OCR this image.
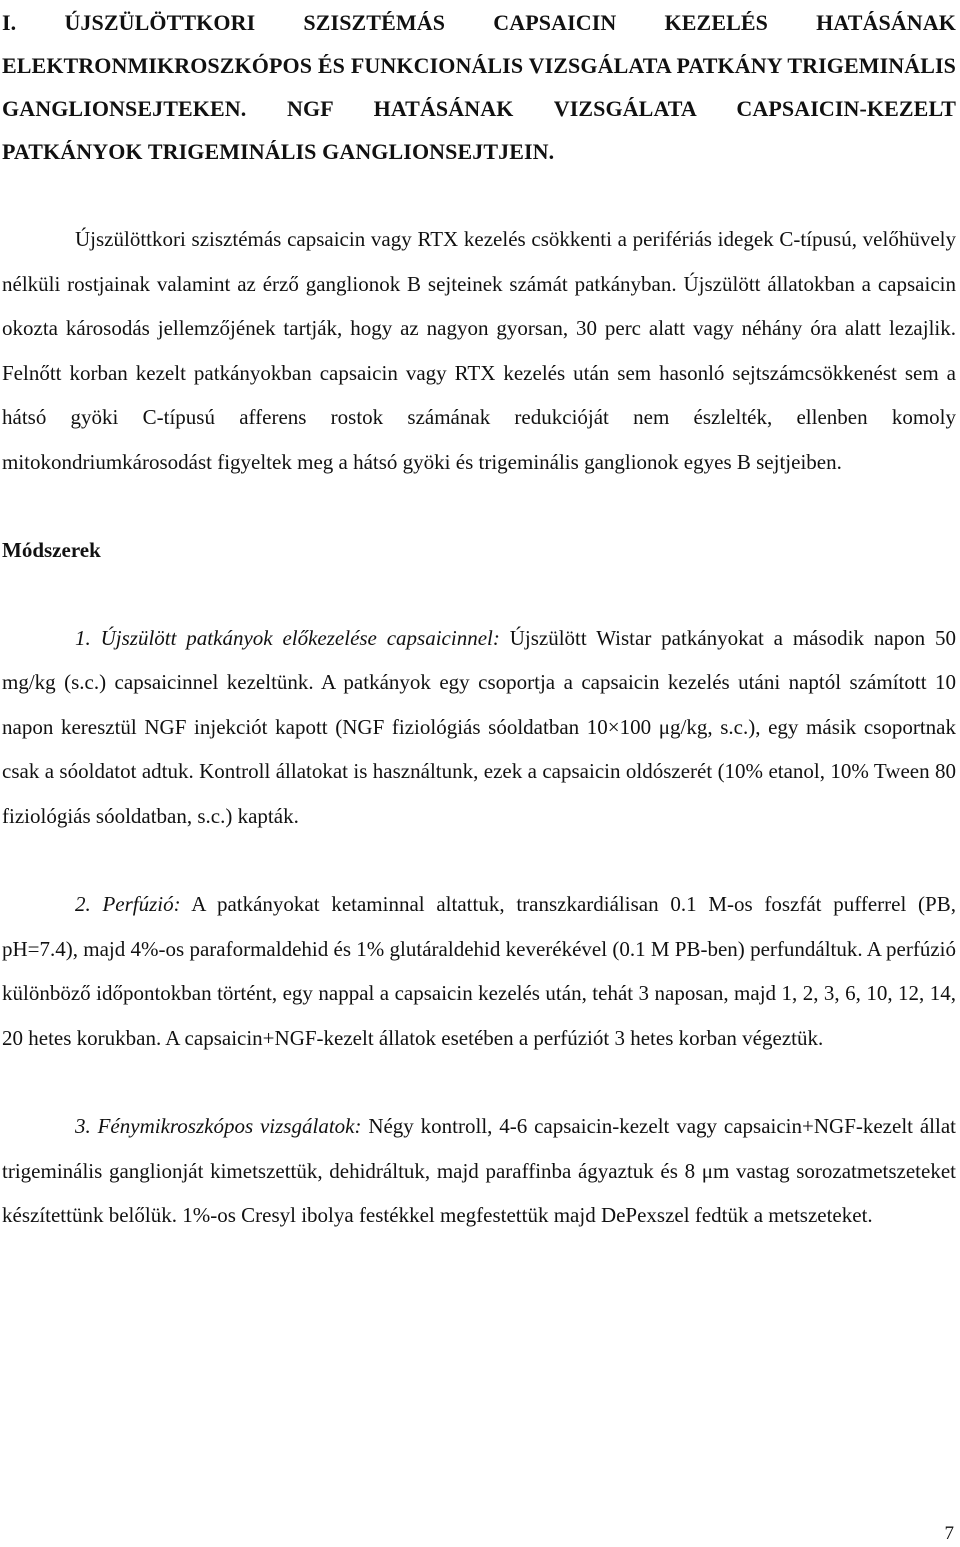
I. ÚJSZÜLÖTTKORI SZISZTÉMÁS CAPSAICIN KEZELÉS HATÁSÁNAK ELEKTRONMIKROSZKÓPOS ÉS FUNKCIONÁLIS VIZSGÁLATA PATKÁNY TRIGEMINÁLIS GANGLIONSEJTEKEN. NGF HATÁSÁNAK VIZSGÁLATA CAPSAICIN-KEZELT PATKÁNYOK TRIGEMINÁLIS GANGLIONSEJTJEIN.

Újszülöttkori szisztémás capsaicin vagy RTX kezelés csökkenti a perifériás idegek C-típusú, velőhüvely nélküli rostjainak valamint az érző ganglionok B sejteinek számát patkányban. Újszülött állatokban a capsaicin okozta károsodás jellemzőjének tartják, hogy az nagyon gyorsan, 30 perc alatt vagy néhány óra alatt lezajlik. Felnőtt korban kezelt patkányokban capsaicin vagy RTX kezelés után sem hasonló sejtszámcsökkenést sem a hátsó gyöki C-típusú afferens rostok számának redukcióját nem észlelték, ellenben komoly mitokondriumkárosodást figyeltek meg a hátsó gyöki és trigeminális ganglionok egyes B sejtjeiben.

Módszerek

1. Újszülött patkányok előkezelése capsaicinnel: Újszülött Wistar patkányokat a második napon 50 mg/kg (s.c.) capsaicinnel kezeltünk. A patkányok egy csoportja a capsaicin kezelés utáni naptól számított 10 napon keresztül NGF injekciót kapott (NGF fiziológiás sóoldatban 10×100 μg/kg, s.c.), egy másik csoportnak csak a sóoldatot adtuk. Kontroll állatokat is használtunk, ezek a capsaicin oldószerét (10% etanol, 10% Tween 80 fiziológiás sóoldatban, s.c.) kapták.

2. Perfúzió: A patkányokat ketaminnal altattuk, transzkardiálisan 0.1 M-os foszfát pufferrel (PB, pH=7.4), majd 4%-os paraformaldehid és 1% glutáraldehid keverékével (0.1 M PB-ben) perfundáltuk. A perfúzió különböző időpontokban történt, egy nappal a capsaicin kezelés után, tehát 3 naposan, majd 1, 2, 3, 6, 10, 12, 14, 20 hetes korukban. A capsaicin+NGF-kezelt állatok esetében a perfúziót 3 hetes korban végeztük.

3. Fénymikroszkópos vizsgálatok: Négy kontroll, 4-6 capsaicin-kezelt vagy capsaicin+NGF-kezelt állat trigeminális ganglionját kimetszettük, dehidráltuk, majd paraffinba ágyaztuk és 8 μm vastag sorozatmetszeteket készítettünk belőlük. 1%-os Cresyl ibolya festékkel megfestettük majd DePexszel fedtük a metszeteket.

7
